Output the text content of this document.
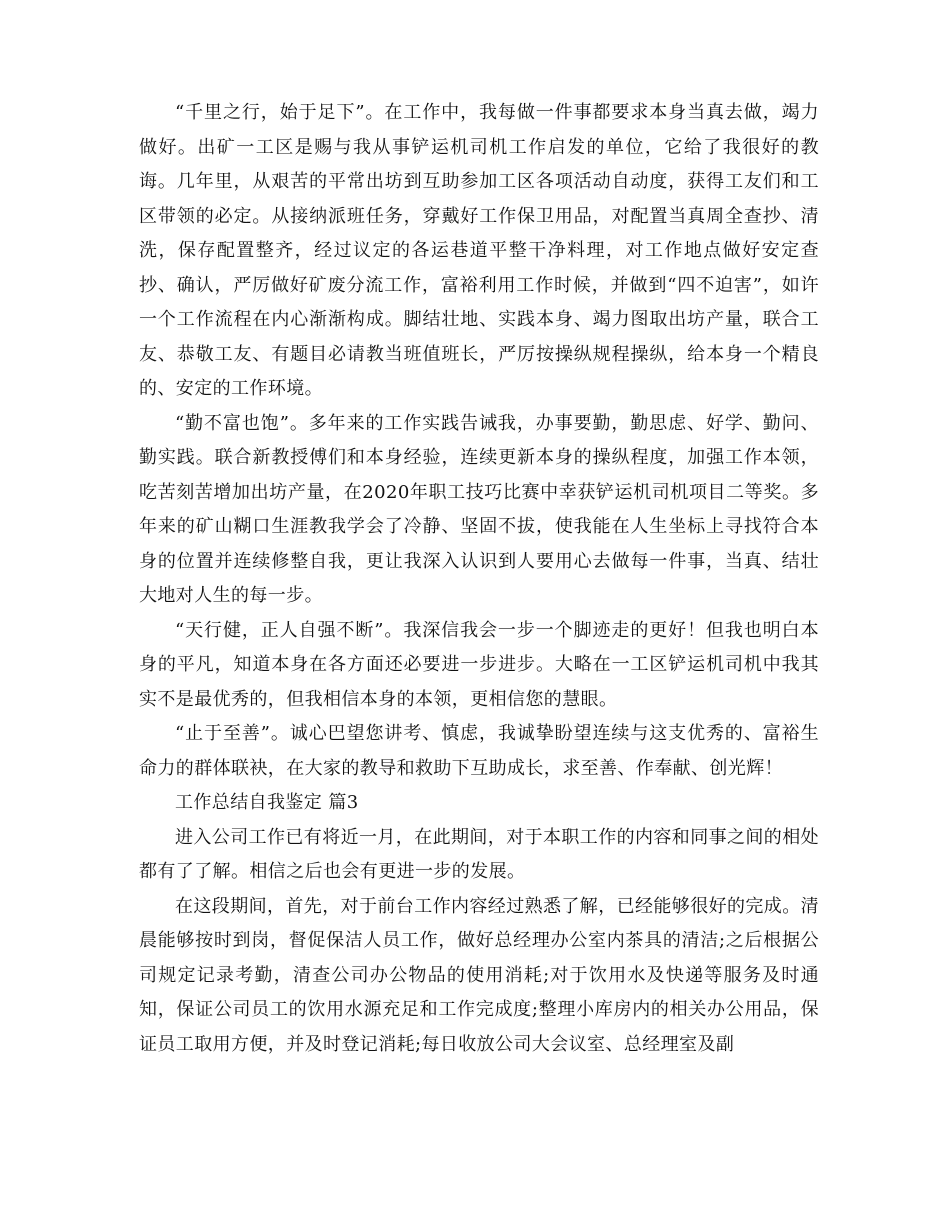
“千里之行，始于足下”。在工作中，我每做一件事都要求本身当真去做，竭力做好。出矿一工区是赐与我从事铲运机司机工作启发的单位，它给了我很好的教诲。几年里，从艰苦的平常出坊到互助参加工区各项活动自动度，获得工友们和工区带领的必定。从接纳派班任务，穿戴好工作保卫用品，对配置当真周全查抄、清洗，保存配置整齐，经过议定的各运巷道平整干净料理，对工作地点做好安定查抄、确认，严厉做好矿废分流工作，富裕利用工作时候，并做到“四不迫害”，如许一个工作流程在内心渐渐构成。脚结壮地、实践本身、竭力图取出坊产量，联合工友、恭敬工友、有题目必请教当班值班长，严厉按操纵规程操纵，给本身一个精良的、安定的工作环境。

“勤不富也饱”。多年来的工作实践告诫我，办事要勤，勤思虑、好学、勤问、勤实践。联合新教授傅们和本身经验，连续更新本身的操纵程度，加强工作本领，吃苦刻苦增加出坊产量，在2020年职工技巧比赛中幸获铲运机司机项目二等奖。多年来的矿山糊口生涯教我学会了冷静、坚固不拔，使我能在人生坐标上寻找符合本身的位置并连续修整自我，更让我深入认识到人要用心去做每一件事，当真、结壮大地对人生的每一步。

“天行健，正人自强不断”。我深信我会一步一个脚迹走的更好！但我也明白本身的平凡，知道本身在各方面还必要进一步进步。大略在一工区铲运机司机中我其实不是最优秀的，但我相信本身的本领，更相信您的慧眼。

“止于至善”。诚心巴望您讲考、慎虑，我诚挚盼望连续与这支优秀的、富裕生命力的群体联袂，在大家的教导和救助下互助成长，求至善、作奉献、创光辉！

工作总结自我鉴定 篇3

进入公司工作已有将近一月，在此期间，对于本职工作的内容和同事之间的相处都有了了解。相信之后也会有更进一步的发展。

在这段期间，首先，对于前台工作内容经过熟悉了解，已经能够很好的完成。清晨能够按时到岗，督促保洁人员工作，做好总经理办公室内茶具的清洁;之后根据公司规定记录考勤，清查公司办公物品的使用消耗;对于饮用水及快递等服务及时通知，保证公司员工的饮用水源充足和工作完成度;整理小库房内的相关办公用品，保证员工取用方便，并及时登记消耗;每日收放公司大会议室、总经理室及副
